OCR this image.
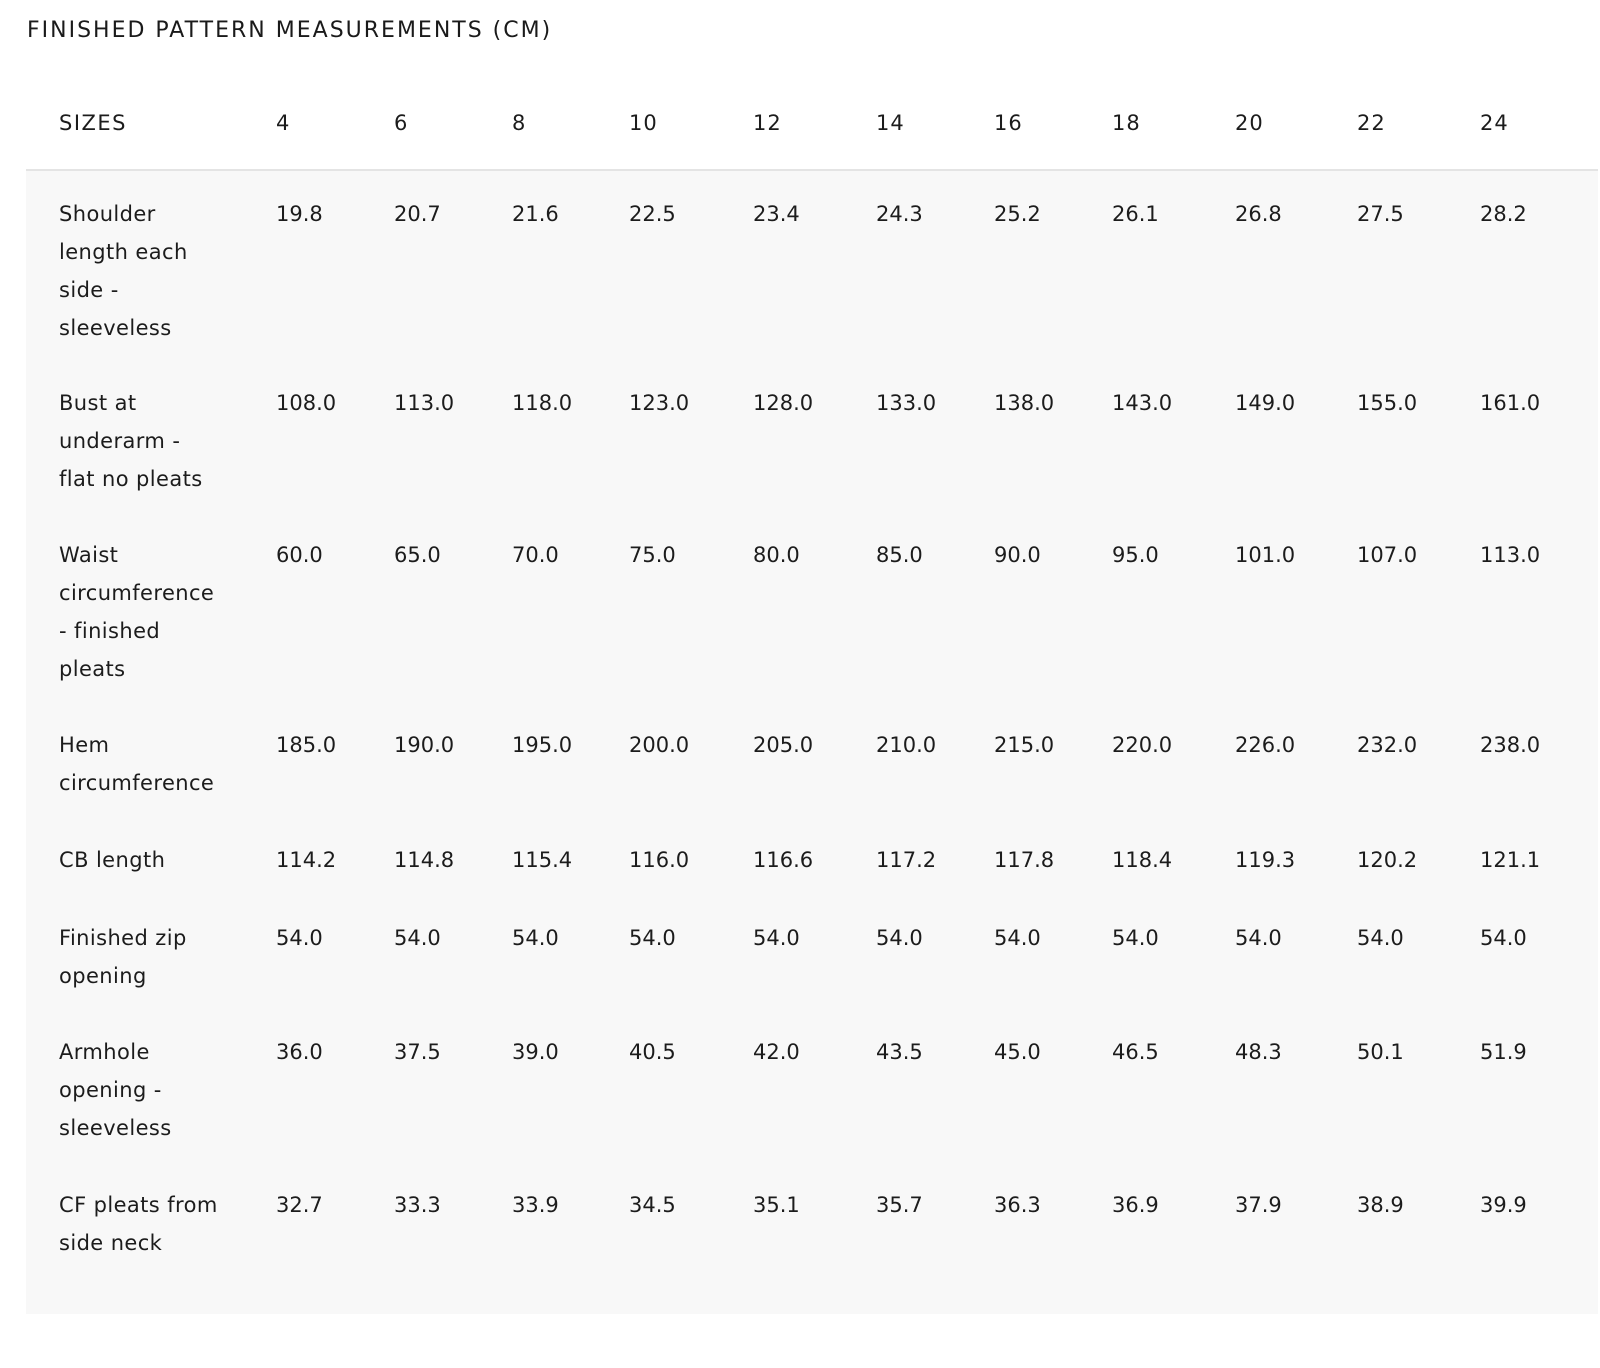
FINISHED PATTERN MEASUREMENTS (CM)
SIZES	4	6	8	10	12	14	16	18	20	22	24

Shoulder length each side - sleeveless	19.8	20.7	21.6	22.5	23.4	24.3	25.2	26.1	26.8	27.5	28.2

Bust at underarm - flat no pleats	108.0	113.0	118.0	123.0	128.0	133.0	138.0	143.0	149.0	155.0	161.0

Waist circumference - finished pleats	60.0	65.0	70.0	75.0	80.0	85.0	90.0	95.0	101.0	107.0	113.0

Hem circumference	185.0	190.0	195.0	200.0	205.0	210.0	215.0	220.0	226.0	232.0	238.0

CB length	114.2	114.8	115.4	116.0	116.6	117.2	117.8	118.4	119.3	120.2	121.1

Finished zip opening	54.0	54.0	54.0	54.0	54.0	54.0	54.0	54.0	54.0	54.0	54.0

Armhole opening - sleeveless	36.0	37.5	39.0	40.5	42.0	43.5	45.0	46.5	48.3	50.1	51.9

CF pleats from side neck	32.7	33.3	33.9	34.5	35.1	35.7	36.3	36.9	37.9	38.9	39.9
